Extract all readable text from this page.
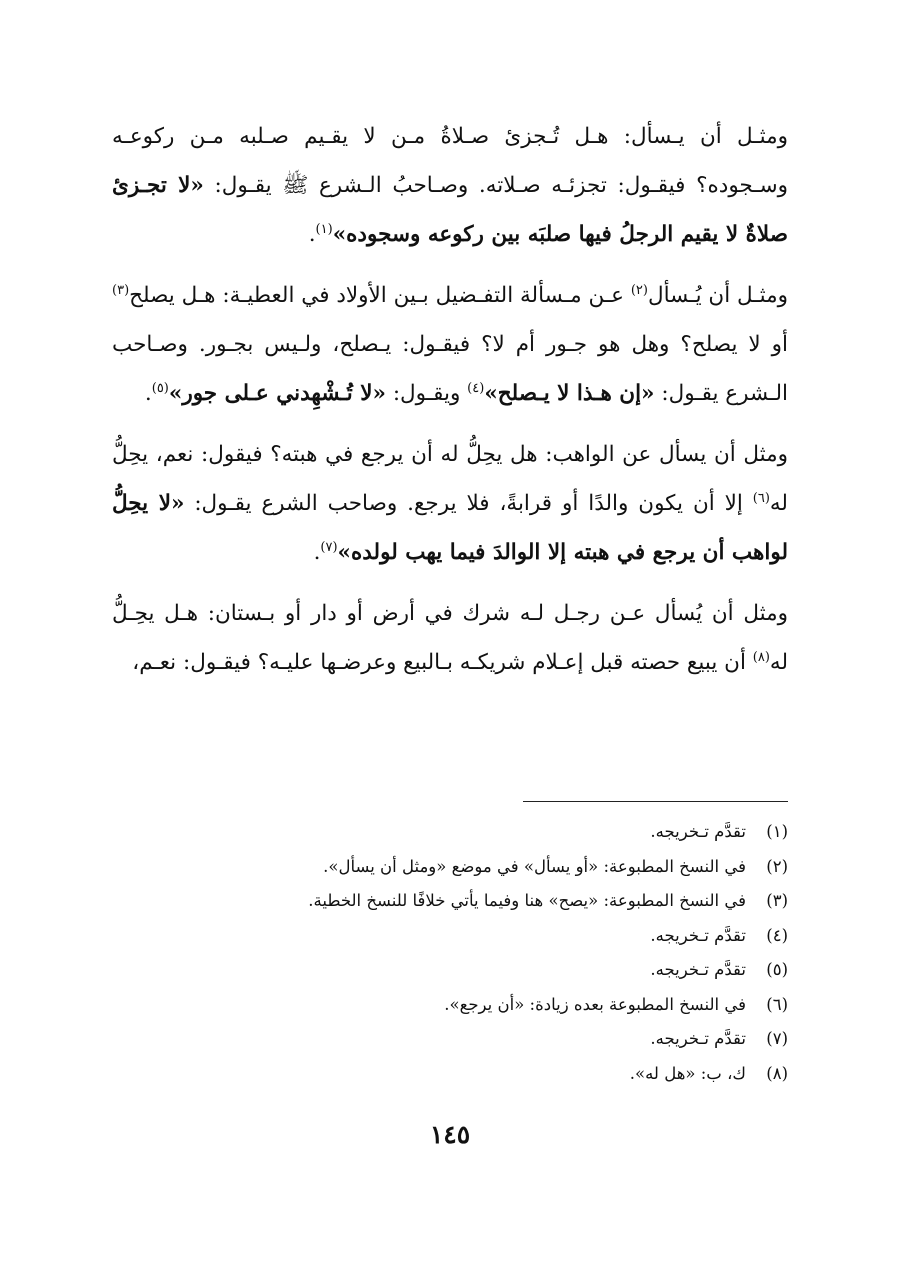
ومثـل أن يـسأل: هـل تُـجزئ صـلاةُ مـن لا يقـيم صـلبه مـن ركوعـه وسـجوده؟ فيقـول: تجزئـه صـلاته. وصـاحبُ الـشرع ﷺ يقـول: «لا تجـزئ صلاةٌ لا يقيم الرجلُ فيها صلبَه بين ركوعه وسجوده»$^{(١)}$.

ومثـل أن يُـسأل$^{(٢)}$ عـن مـسألة التفـضيل بـين الأولاد في العطيـة: هـل يصلح$^{(٣)}$ أو لا يصلح؟ وهل هو جـور أم لا؟ فيقـول: يـصلح، ولـيس بجـور. وصـاحب الـشرع يقـول: «إن هـذا لا يـصلح»$^{(٤)}$ ويقـول: «لا تُـشْهِدني عـلى جور»$^{(٥)}$.

ومثل أن يسأل عن الواهب: هل يحِلُّ له أن يرجع في هبته؟ فيقول: نعم، يحِلُّ له$^{(٦)}$ إلا أن يكون والدًا أو قرابةً، فلا يرجع. وصاحب الشرع يقـول: «لا يحِلُّ لواهب أن يرجع في هبته إلا الوالدَ فيما يهب لولده»$^{(٧)}$.

ومثل أن يُسأل عـن رجـل لـه شرك في أرض أو دار أو بـستان: هـل يحِـلُّ له$^{(٨)}$ أن يبيع حصته قبل إعـلام شريكـه بـالبيع وعرضـها عليـه؟ فيقـول: نعـم،

(١)
تقدَّم تـخريجه.
(٢)
في النسخ المطبوعة: «أو يسأل» في موضع «ومثل أن يسأل».
(٣)
في النسخ المطبوعة: «يصح» هنا وفيما يأتي خلافًا للنسخ الخطية.
(٤)
تقدَّم تـخريجه.
(٥)
تقدَّم تـخريجه.
(٦)
في النسخ المطبوعة بعده زيادة: «أن يرجع».
(٧)
تقدَّم تـخريجه.
(٨)
ك، ب: «هل له».
١٤٥
